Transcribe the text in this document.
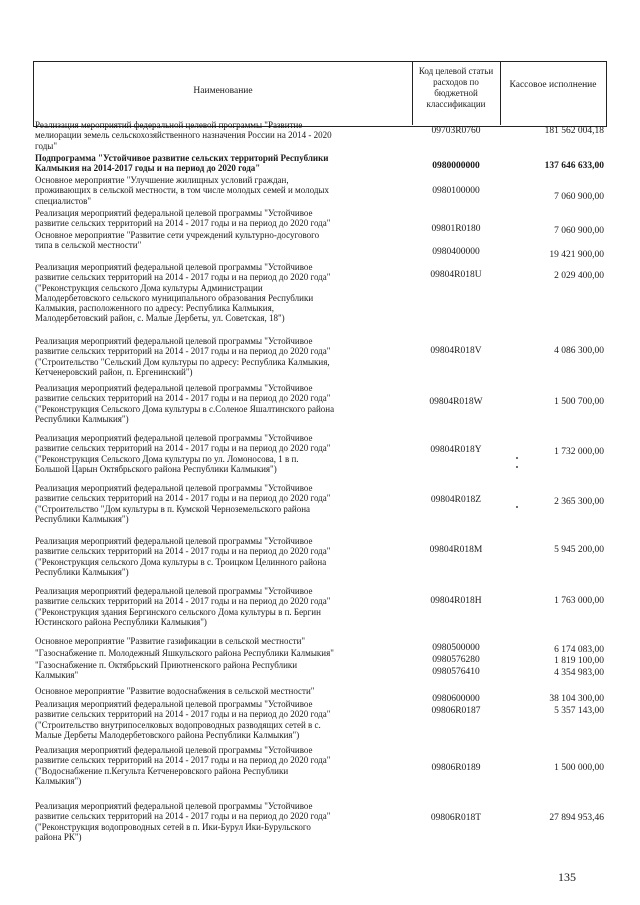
Наименование
Код целевой статьи расходов по бюджетной классификации
Кассовое исполнение
Реализация мероприятий федеральной целевой программы "Развитие
мелиорации земель сельскохозяйственного назначения России на 2014 - 2020
годы"
09703R0760	181 562 004,18
Подпрограмма "Устойчивое развитие сельских территорий Республики
Калмыкия на 2014-2017 годы и на период до 2020 года"	0980000000	137 646 633,00
Основное мероприятие "Улучшение жилищных условий граждан,
проживающих в сельской местности, в том числе молодых семей и молодых
специалистов"
0980100000
7 060 900,00
Реализация мероприятий федеральной целевой программы "Устойчивое
развитие сельских территорий на 2014 - 2017 годы и на период до 2020 года"
09801R0180	7 060 900,00
Основное мероприятие "Развитие сети учреждений культурно-досугового
типа в сельской местности"
0980400000	19 421 900,00
Реализация мероприятий федеральной целевой программы "Устойчивое
развитие сельских территорий на 2014 - 2017 годы и на период до 2020 года"
("Реконструкция сельского Дома культуры Администрации
Малодербетовского сельского муниципального образования Республики
Калмыкия, расположенного по адресу: Республика Калмыкия,
Малодербетовский район, с. Малые Дербеты, ул. Советская, 18")
09804R018U	2 029 400,00
Реализация мероприятий федеральной целевой программы "Устойчивое
развитие сельских территорий на 2014 - 2017 годы и на период до 2020 года"
("Строительство "Сельский Дом культуры по адресу: Республика Калмыкия,
Кетченеровский район, п. Ергенинский")
09804R018V	4 086 300,00
Реализация мероприятий федеральной целевой программы "Устойчивое
развитие сельских территорий на 2014 - 2017 годы и на период до 2020 года"
("Реконструкция Сельского Дома культуры в с.Соленое Яшалтинского района
Республики Калмыкия")
09804R018W	1 500 700,00
Реализация мероприятий федеральной целевой программы "Устойчивое
развитие сельских территорий на 2014 - 2017 годы и на период до 2020 года"
("Реконструкция Сельского Дома культуры по ул. Ломоносова, 1 в п.
Большой Царын Октябрьского района Республики Калмыкия")
09804R018Y	1 732 000,00
Реализация мероприятий федеральной целевой программы "Устойчивое
развитие сельских территорий на 2014 - 2017 годы и на период до 2020 года"
("Строительство "Дом культуры в п. Кумской Черноземельского района
Республики Калмыкия")
09804R018Z	2 365 300,00
Реализация мероприятий федеральной целевой программы "Устойчивое
развитие сельских территорий на 2014 - 2017 годы и на период до 2020 года"
("Реконструкция сельского Дома культуры в с. Троицком Целинного района
Республики Калмыкия")
09804R018M	5 945 200,00
Реализация мероприятий федеральной целевой программы "Устойчивое
развитие сельских территорий на 2014 - 2017 годы и на период до 2020 года"
("Реконструкция здания Бергинского сельского Дома культуры в п. Бергин
Юстинского района Республики Калмыкия")
09804R018H	1 763 000,00
Основное мероприятие "Развитие газификации в сельской местности"
0980500000	6 174 083,00
"Газоснабжение п. Молодежный Яшкульского района Республики Калмыкия"
0980576280	1 819 100,00
"Газоснабжение п. Октябрьский Приютненского района Республики
Калмыкия"	0980576410	4 354 983,00
Основное мероприятие "Развитие водоснабжения в сельской местности"
0980600000	38 104 300,00
Реализация мероприятий федеральной целевой программы "Устойчивое
развитие сельских территорий на 2014 - 2017 годы и на период до 2020 года"
("Строительство внутрипоселковых водопроводных разводящих сетей в с.
Малые Дербеты Малодербетовского района Республики Калмыкия")
09806R0187	5 357 143,00
Реализация мероприятий федеральной целевой программы "Устойчивое
развитие сельских территорий на 2014 - 2017 годы и на период до 2020 года"
("Водоснабжение п.Кегульта Кетченеровского района Республики
Калмыкия")
09806R0189	1 500 000,00
Реализация мероприятий федеральной целевой программы "Устойчивое
развитие сельских территорий на 2014 - 2017 годы и на период до 2020 года"
("Реконструкция водопроводных сетей в п. Ики-Бурул Ики-Бурульского
района РК")
09806R018T	27 894 953,46
135
